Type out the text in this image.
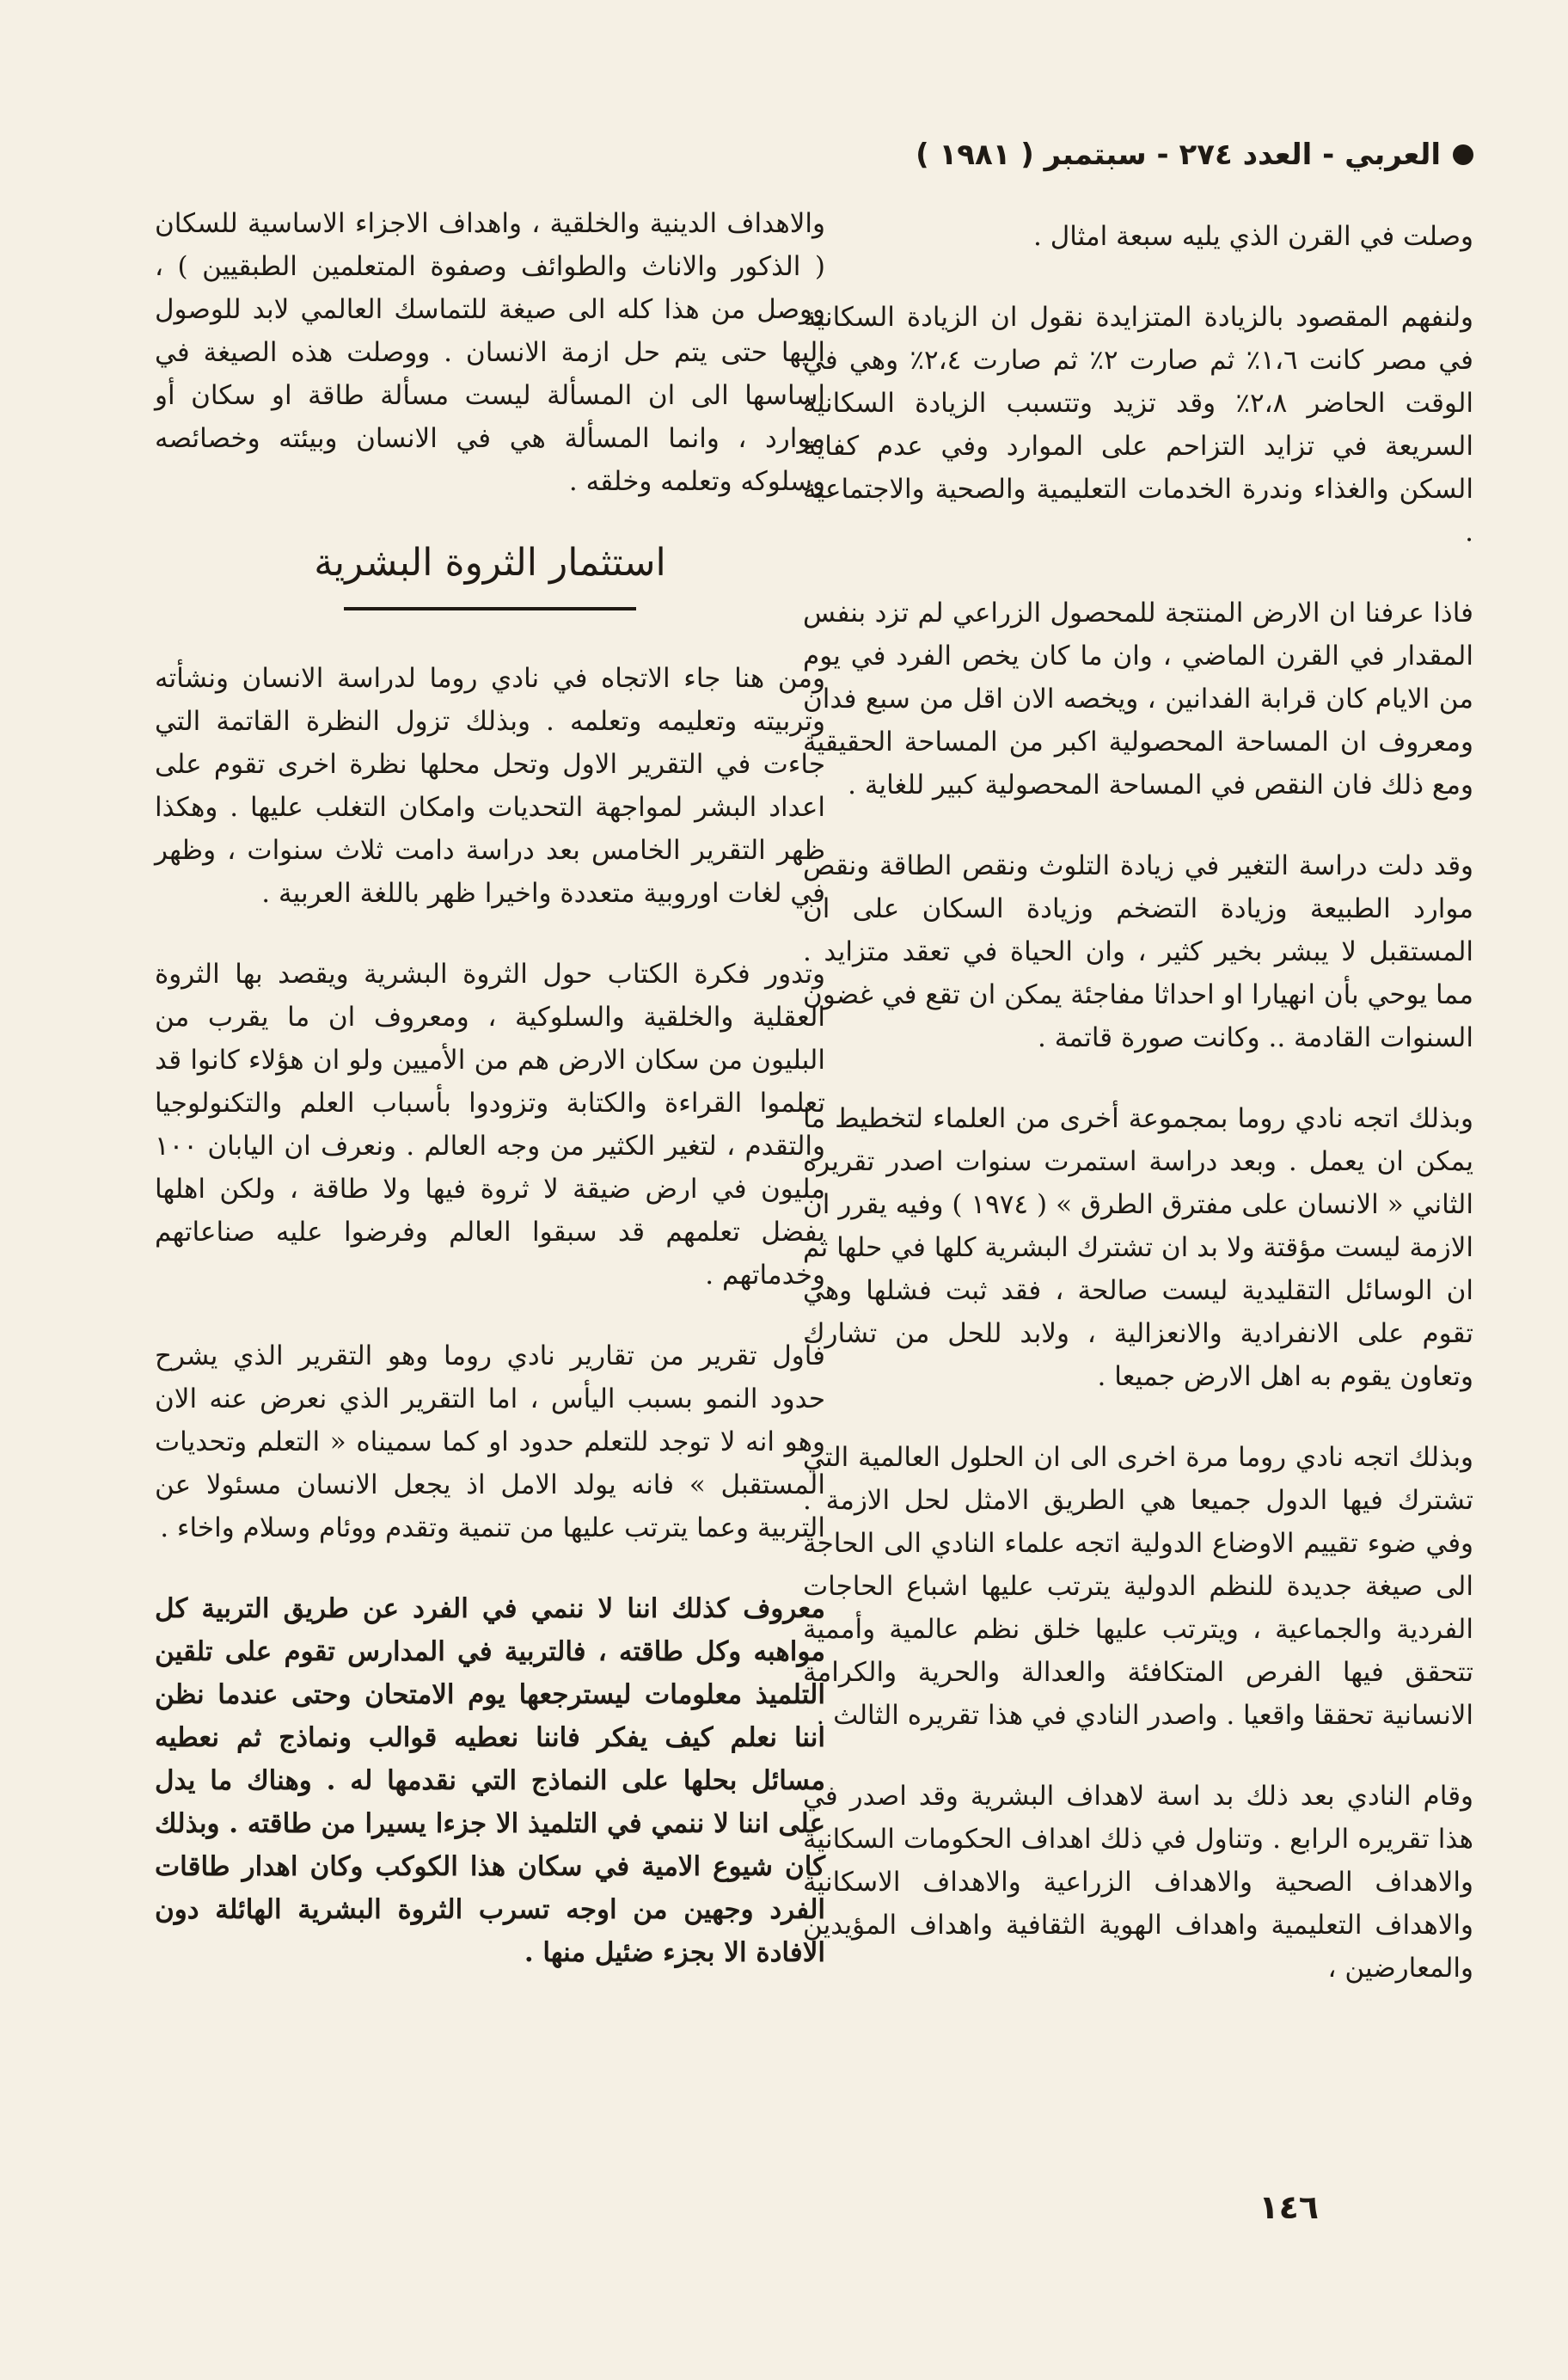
العربي - العدد ٢٧٤ - سبتمبر ( ١٩٨١ )

وصلت في القرن الذي يليه سبعة امثال .

ولنفهم المقصود بالزيادة المتزايدة نقول ان الزيادة السكانية في مصر كانت ١،٦٪ ثم صارت ٢٪ ثم صارت ٢،٤٪ وهي في الوقت الحاضر ٢،٨٪ وقد تزيد وتتسبب الزيادة السكانية السريعة في تزايد التزاحم على الموارد وفي عدم كفاية السكن والغذاء وندرة الخدمات التعليمية والصحية والاجتماعية .

فاذا عرفنا ان الارض المنتجة للمحصول الزراعي لم تزد بنفس المقدار في القرن الماضي ، وان ما كان يخص الفرد في يوم من الايام كان قرابة الفدانين ، ويخصه الان اقل من سبع فدان ومعروف ان المساحة المحصولية اكبر من المساحة الحقيقية ومع ذلك فان النقص في المساحة المحصولية كبير للغاية .

وقد دلت دراسة التغير في زيادة التلوث ونقص الطاقة ونقص موارد الطبيعة وزيادة التضخم وزيادة السكان على ان المستقبل لا يبشر بخير كثير ، وان الحياة في تعقد متزايد . مما يوحي بأن انهيارا او احداثا مفاجئة يمكن ان تقع في غضون السنوات القادمة .. وكانت صورة قاتمة .

وبذلك اتجه نادي روما بمجموعة أخرى من العلماء لتخطيط ما يمكن ان يعمل . وبعد دراسة استمرت سنوات اصدر تقريره الثاني « الانسان على مفترق الطرق » ( ١٩٧٤ ) وفيه يقرر ان الازمة ليست مؤقتة ولا بد ان تشترك البشرية كلها في حلها ثم ان الوسائل التقليدية ليست صالحة ، فقد ثبت فشلها وهي تقوم على الانفرادية والانعزالية ، ولابد للحل من تشارك وتعاون يقوم به اهل الارض جميعا .

وبذلك اتجه نادي روما مرة اخرى الى ان الحلول العالمية التي تشترك فيها الدول جميعا هي الطريق الامثل لحل الازمة . وفي ضوء تقييم الاوضاع الدولية اتجه علماء النادي الى الحاجة الى صيغة جديدة للنظم الدولية يترتب عليها اشباع الحاجات الفردية والجماعية ، ويترتب عليها خلق نظم عالمية وأممية تتحقق فيها الفرص المتكافئة والعدالة والحرية والكرامة الانسانية تحققا واقعيا . واصدر النادي في هذا تقريره الثالث .

وقام النادي بعد ذلك بد اسة لاهداف البشرية وقد اصدر في هذا تقريره الرابع . وتناول في ذلك اهداف الحكومات السكانية والاهداف الصحية والاهداف الزراعية والاهداف الاسكانية والاهداف التعليمية واهداف الهوية الثقافية واهداف المؤيدين والمعارضين ،

والاهداف الدينية والخلقية ، واهداف الاجزاء الاساسية للسكان ( الذكور والاناث والطوائف وصفوة المتعلمين الطبقيين ) ، ووصل من هذا كله الى صيغة للتماسك العالمي لابد للوصول اليها حتى يتم حل ازمة الانسان . ووصلت هذه الصيغة في اساسها الى ان المسألة ليست مسألة طاقة او سكان أو موارد ، وانما المسألة هي في الانسان وبيئته وخصائصه وسلوكه وتعلمه وخلقه .

استثمار الثروة البشرية

ومن هنا جاء الاتجاه في نادي روما لدراسة الانسان ونشأته وتربيته وتعليمه وتعلمه . وبذلك تزول النظرة القاتمة التي جاءت في التقرير الاول وتحل محلها نظرة اخرى تقوم على اعداد البشر لمواجهة التحديات وامكان التغلب عليها . وهكذا ظهر التقرير الخامس بعد دراسة دامت ثلاث سنوات ، وظهر في لغات اوروبية متعددة واخيرا ظهر باللغة العربية .

وتدور فكرة الكتاب حول الثروة البشرية ويقصد بها الثروة العقلية والخلقية والسلوكية ، ومعروف ان ما يقرب من البليون من سكان الارض هم من الأميين ولو ان هؤلاء كانوا قد تعلموا القراءة والكتابة وتزودوا بأسباب العلم والتكنولوجيا والتقدم ، لتغير الكثير من وجه العالم . ونعرف ان اليابان ١٠٠ مليون في ارض ضيقة لا ثروة فيها ولا طاقة ، ولكن اهلها بفضل تعلمهم قد سبقوا العالم وفرضوا عليه صناعاتهم وخدماتهم .

فأول تقرير من تقارير نادي روما وهو التقرير الذي يشرح حدود النمو بسبب اليأس ، اما التقرير الذي نعرض عنه الان وهو انه لا توجد للتعلم حدود او كما سميناه « التعلم وتحديات المستقبل » فانه يولد الامل اذ يجعل الانسان مسئولا عن التربية وعما يترتب عليها من تنمية وتقدم ووئام وسلام واخاء .

معروف كذلك اننا لا ننمي في الفرد عن طريق التربية كل مواهبه وكل طاقته ، فالتربية في المدارس تقوم على تلقين التلميذ معلومات ليسترجعها يوم الامتحان وحتى عندما نظن اننا نعلم كيف يفكر فاننا نعطيه قوالب ونماذج ثم نعطيه مسائل بحلها على النماذج التي نقدمها له . وهناك ما يدل على اننا لا ننمي في التلميذ الا جزءا يسيرا من طاقته . وبذلك كان شيوع الامية في سكان هذا الكوكب وكان اهدار طاقات الفرد وجهين من اوجه تسرب الثروة البشرية الهائلة دون الافادة الا بجزء ضئيل منها .

١٤٦
